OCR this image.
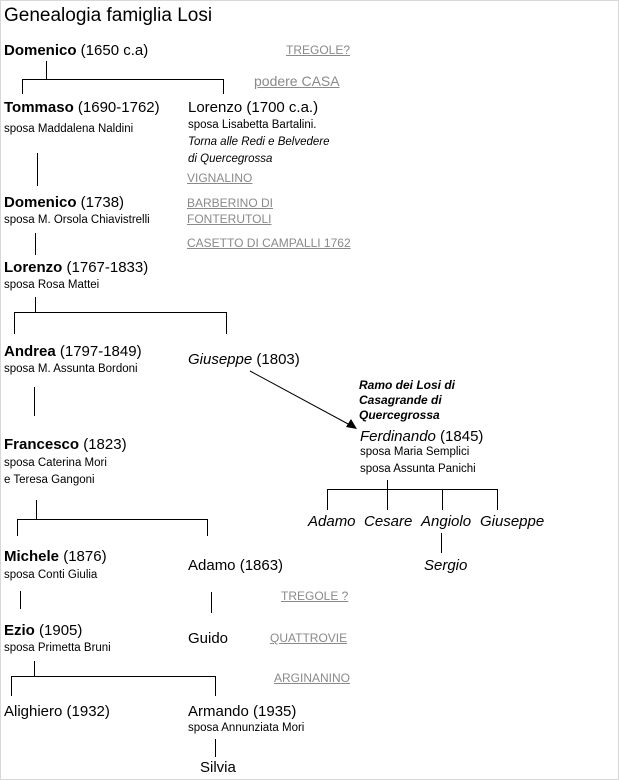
Genealogia famiglia Losi
Domenico (1650 c.a)	TREGOLE?
podere CASA
Tommaso (1690-1762)
sposa Maddalena Naldini
Lorenzo (1700 c.a.)
sposa Lisabetta Bartalini.
Torna alle Redi e Belvedere
di Quercegrossa
VIGNALINO
Domenico (1738)
sposa M. Orsola Chiavistrelli
BARBERINO DI FONTERUTOLI
CASETTO DI CAMPALLI 1762
Lorenzo (1767-1833)
sposa Rosa Mattei
Andrea (1797-1849)
sposa M. Assunta Bordoni
Giuseppe (1803)
Ramo dei Losi di Casagrande di Quercegrossa
Ferdinando (1845)
sposa Maria Semplici
sposa Assunta Panichi
Adamo Cesare Angiolo Giuseppe
Sergio
Francesco (1823)
sposa Caterina Mori
e Teresa Gangoni
Michele (1876)
sposa Conti Giulia
Adamo (1863)
TREGOLE ?
Ezio (1905)
sposa Primetta Bruni
Guido	QUATTROVIE
ARGINANINO
Alighiero (1932)	Armando (1935)
sposa Annunziata Mori
Silvia
